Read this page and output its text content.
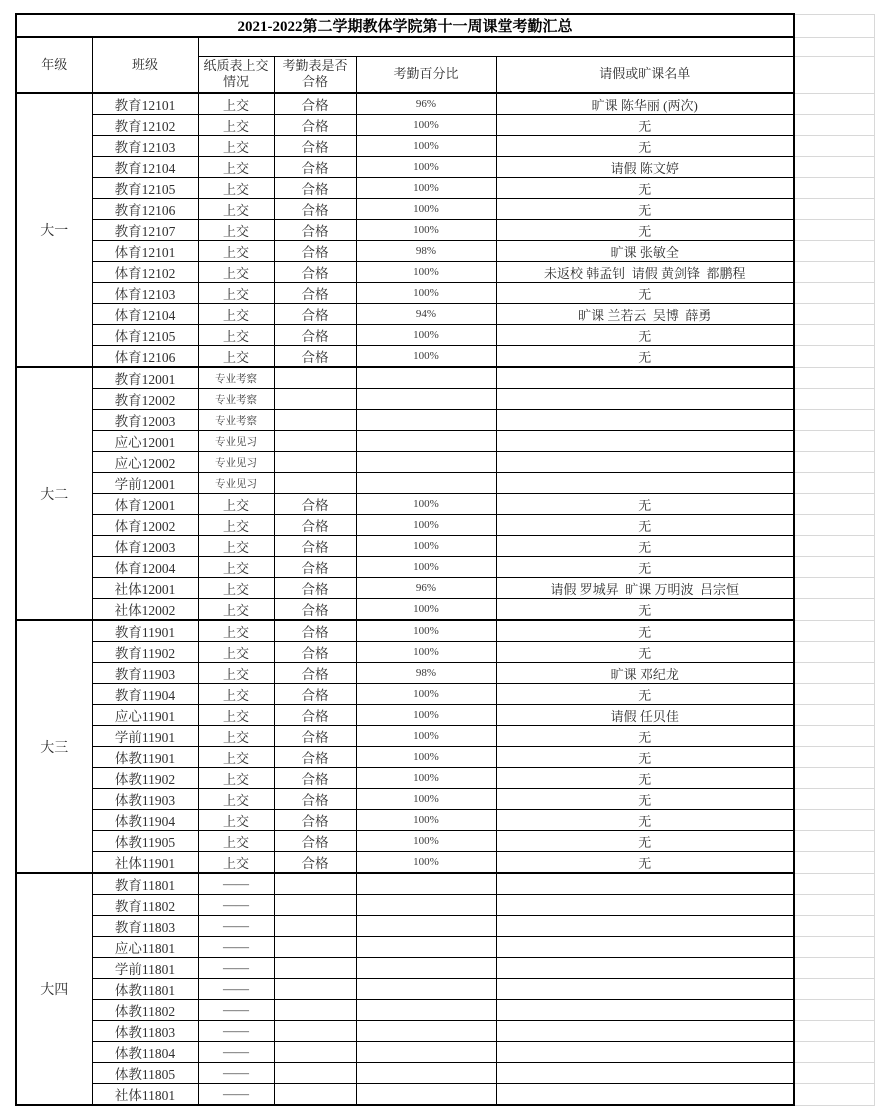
2021-2022第二学期教体学院第十一周课堂考勤汇总						
年级	班级					
		纸质表上交情况	考勤表是否合格	考勤百分比	请假或旷课名单	
大一	教育12101	上交	合格	96%	旷课 陈华丽 (两次)	
	教育12102	上交	合格	100%	无	
	教育12103	上交	合格	100%	无	
	教育12104	上交	合格	100%	请假 陈文婷	
	教育12105	上交	合格	100%	无	
	教育12106	上交	合格	100%	无	
	教育12107	上交	合格	100%	无	
	体育12101	上交	合格	98%	旷课 张敏全	
	体育12102	上交	合格	100%	未返校 韩孟钊  请假 黄剑锋  都鹏程	
	体育12103	上交	合格	100%	无	
	体育12104	上交	合格	94%	旷课 兰若云  吴博  薛勇	
	体育12105	上交	合格	100%	无	
	体育12106	上交	合格	100%	无	
大二	教育12001	专业考察				
	教育12002	专业考察				
	教育12003	专业考察				
	应心12001	专业见习				
	应心12002	专业见习				
	学前12001	专业见习				
	体育12001	上交	合格	100%	无	
	体育12002	上交	合格	100%	无	
	体育12003	上交	合格	100%	无	
	体育12004	上交	合格	100%	无	
	社体12001	上交	合格	96%	请假 罗城昇  旷课 万明波  吕宗恒	
	社体12002	上交	合格	100%	无	
大三	教育11901	上交	合格	100%	无	
	教育11902	上交	合格	100%	无	
	教育11903	上交	合格	98%	旷课 邓纪龙	
	教育11904	上交	合格	100%	无	
	应心11901	上交	合格	100%	请假 任贝佳	
	学前11901	上交	合格	100%	无	
	体教11901	上交	合格	100%	无	
	体教11902	上交	合格	100%	无	
	体教11903	上交	合格	100%	无	
	体教11904	上交	合格	100%	无	
	体教11905	上交	合格	100%	无	
	社体11901	上交	合格	100%	无	
大四	教育11801	——				
	教育11802	——				
	教育11803	——				
	应心11801	——				
	学前11801	——				
	体教11801	——				
	体教11802	——				
	体教11803	——				
	体教11804	——				
	体教11805	——				
	社体11801	——				
